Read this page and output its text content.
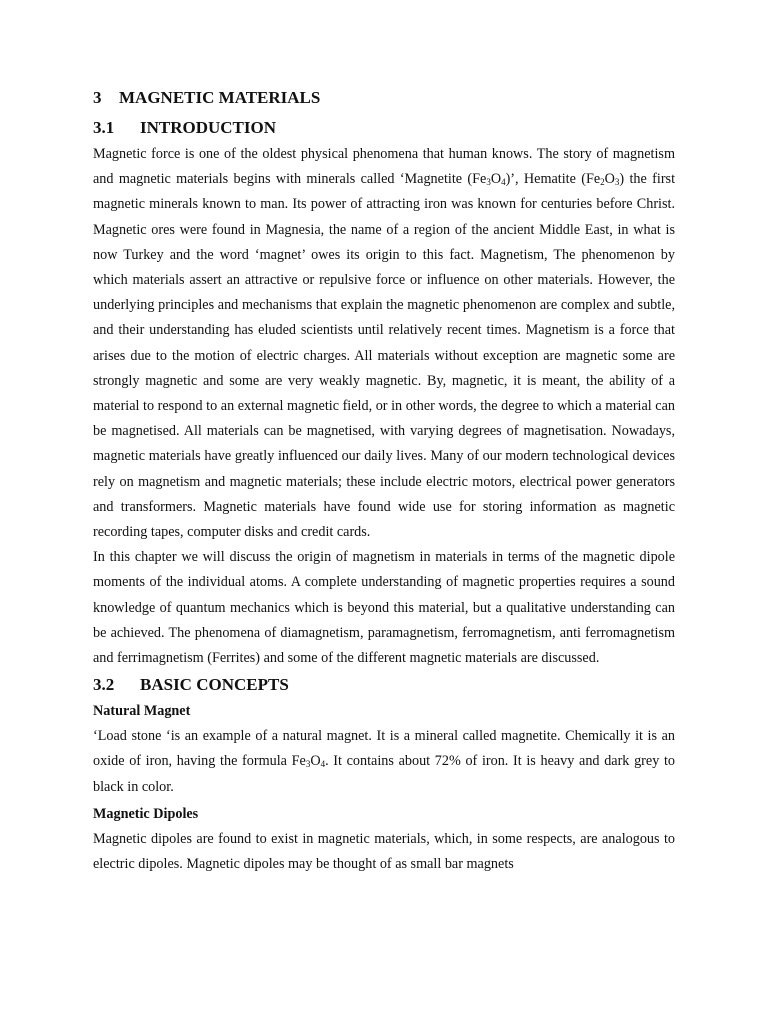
3 MAGNETIC MATERIALS
3.1 INTRODUCTION

Magnetic force is one of the oldest physical phenomena that human knows. The story of magnetism and magnetic materials begins with minerals called ‘Magnetite $(Fe_3O_4)$’, Hematite $(Fe_2O_3)$ the first magnetic minerals known to man. Its power of attracting iron was known for centuries before Christ. Magnetic ores were found in Magnesia, the name of a region of the ancient Middle East, in what is now Turkey and the word ‘magnet’ owes its origin to this fact. Magnetism, The phenomenon by which materials assert an attractive or repulsive force or influence on other materials. However, the underlying principles and mechanisms that explain the magnetic phenomenon are complex and subtle, and their understanding has eluded scientists until relatively recent times. Magnetism is a force that arises due to the motion of electric charges. All materials without exception are magnetic some are strongly magnetic and some are very weakly magnetic. By, magnetic, it is meant, the ability of a material to respond to an external magnetic field, or in other words, the degree to which a material can be magnetised. All materials can be magnetised, with varying degrees of magnetisation. Nowadays, magnetic materials have greatly influenced our daily lives. Many of our modern technological devices rely on magnetism and magnetic materials; these include electric motors, electrical power generators and transformers. Magnetic materials have found wide use for storing information as magnetic recording tapes, computer disks and credit cards.

In this chapter we will discuss the origin of magnetism in materials in terms of the magnetic dipole moments of the individual atoms. A complete understanding of magnetic properties requires a sound knowledge of quantum mechanics which is beyond this material, but a qualitative understanding can be achieved. The phenomena of diamagnetism, paramagnetism, ferromagnetism, anti ferromagnetism and ferrimagnetism (Ferrites) and some of the different magnetic materials are discussed.

3.2 BASIC CONCEPTS
Natural Magnet

‘Load stone ‘is an example of a natural magnet. It is a mineral called magnetite. Chemically it is an oxide of iron, having the formula $Fe_3O_4$. It contains about 72% of iron. It is heavy and dark grey to black in color.

Magnetic Dipoles

Magnetic dipoles are found to exist in magnetic materials, which, in some respects, are analogous to electric dipoles. Magnetic dipoles may be thought of as small bar magnets
